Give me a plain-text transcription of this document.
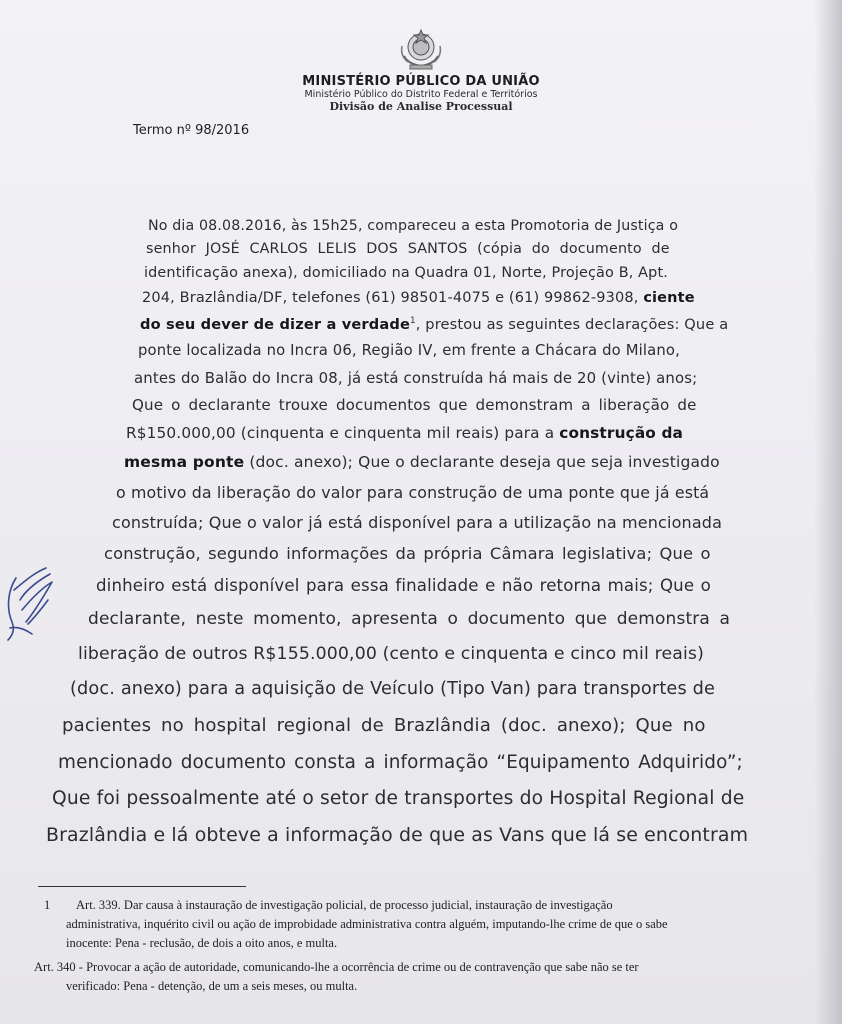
MINISTÉRIO PÚBLICO DA UNIÃO
Ministério Público do Distrito Federal e Territórios
Divisão de Analise Processual
⠀
Termo nº 98/2016
No dia 08.08.2016, às 15h25, compareceu a esta Promotoria de Justiça o
senhor JOSÉ CARLOS LELIS DOS SANTOS (cópia do documento de
identificação anexa), domiciliado na Quadra 01, Norte, Projeção B, Apt.
204, Brazlândia/DF, telefones (61) 98501-4075 e (61) 99862-9308, ciente
do seu dever de dizer a verdade$^1$, prestou as seguintes declarações: Que a
ponte localizada no Incra 06, Região IV, em frente a Chácara do Milano,
antes do Balão do Incra 08, já está construída há mais de 20 (vinte) anos;
Que o declarante trouxe documentos que demonstram a liberação de
R$150.000,00 (cinquenta e cinquenta mil reais) para a construção da
mesma ponte (doc. anexo); Que o declarante deseja que seja investigado
o motivo da liberação do valor para construção de uma ponte que já está
construída; Que o valor já está disponível para a utilização na mencionada
construção, segundo informações da própria Câmara legislativa; Que o
dinheiro está disponível para essa finalidade e não retorna mais; Que o
declarante, neste momento, apresenta o documento que demonstra a
liberação de outros R$155.000,00 (cento e cinquenta e cinco mil reais)
(doc. anexo) para a aquisição de Veículo (Tipo Van) para transportes de
pacientes no hospital regional de Brazlândia (doc. anexo); Que no
mencionado documento consta a informação “Equipamento Adquirido”;
Que foi pessoalmente até o setor de transportes do Hospital Regional de
Brazlândia e lá obteve a informação de que as Vans que lá se encontram
1 Art. 339. Dar causa à instauração de investigação policial, de processo judicial, instauração de investigação
administrativa, inquérito civil ou ação de improbidade administrativa contra alguém, imputando-lhe crime de que o sabe
inocente: Pena - reclusão, de dois a oito anos, e multa.
Art. 340 - Provocar a ação de autoridade, comunicando-lhe a ocorrência de crime ou de contravenção que sabe não se ter
verificado: Pena - detenção, de um a seis meses, ou multa.
